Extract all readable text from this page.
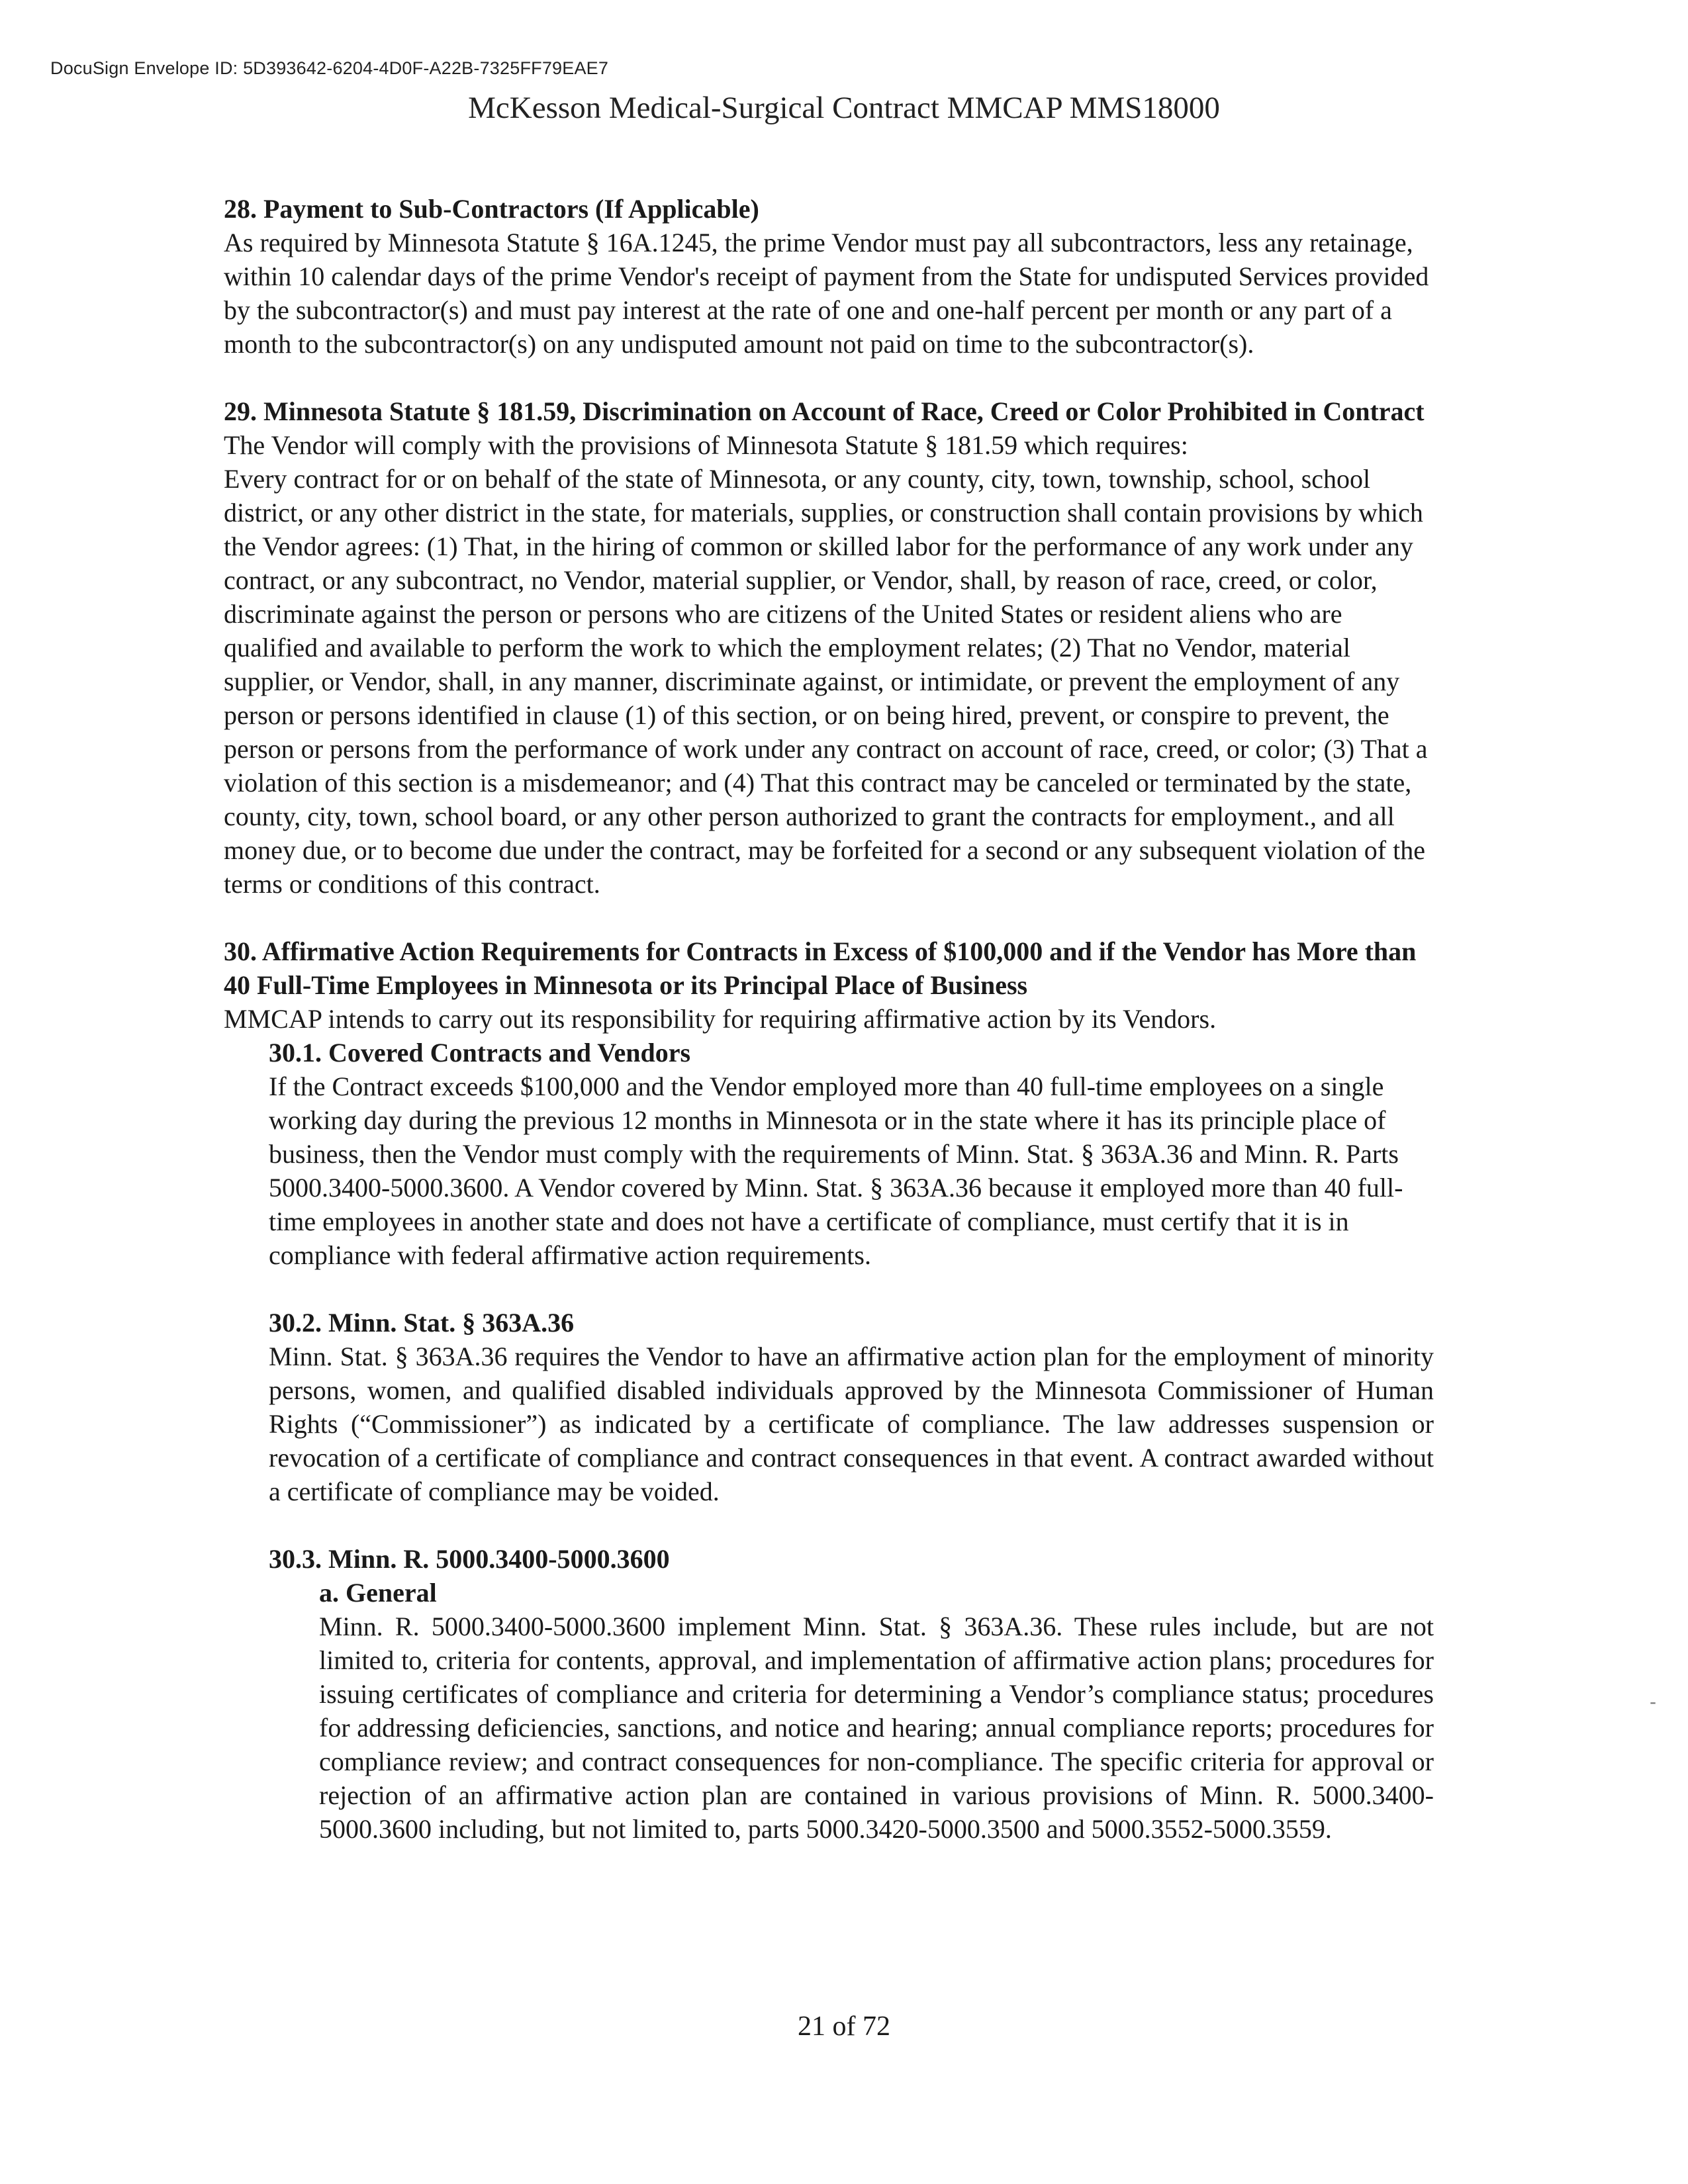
DocuSign Envelope ID: 5D393642-6204-4D0F-A22B-7325FF79EAE7
McKesson Medical-Surgical Contract MMCAP MMS18000

28. Payment to Sub-Contractors (If Applicable)

As required by Minnesota Statute § 16A.1245, the prime Vendor must pay all subcontractors, less any retainage, within 10 calendar days of the prime Vendor's receipt of payment from the State for undisputed Services provided by the subcontractor(s) and must pay interest at the rate of one and one-half percent per month or any part of a month to the subcontractor(s) on any undisputed amount not paid on time to the subcontractor(s).

29. Minnesota Statute § 181.59, Discrimination on Account of Race, Creed or Color Prohibited in Contract

The Vendor will comply with the provisions of Minnesota Statute § 181.59 which requires:

Every contract for or on behalf of the state of Minnesota, or any county, city, town, township, school, school district, or any other district in the state, for materials, supplies, or construction shall contain provisions by which the Vendor agrees: (1) That, in the hiring of common or skilled labor for the performance of any work under any contract, or any subcontract, no Vendor, material supplier, or Vendor, shall, by reason of race, creed, or color, discriminate against the person or persons who are citizens of the United States or resident aliens who are qualified and available to perform the work to which the employment relates; (2) That no Vendor, material supplier, or Vendor, shall, in any manner, discriminate against, or intimidate, or prevent the employment of any person or persons identified in clause (1) of this section, or on being hired, prevent, or conspire to prevent, the person or persons from the performance of work under any contract on account of race, creed, or color; (3) That a violation of this section is a misdemeanor; and (4) That this contract may be canceled or terminated by the state, county, city, town, school board, or any other person authorized to grant the contracts for employment., and all money due, or to become due under the contract, may be forfeited for a second or any subsequent violation of the terms or conditions of this contract.

30. Affirmative Action Requirements for Contracts in Excess of $100,000 and if the Vendor has More than 40 Full-Time Employees in Minnesota or its Principal Place of Business

MMCAP intends to carry out its responsibility for requiring affirmative action by its Vendors.

30.1. Covered Contracts and Vendors

If the Contract exceeds $100,000 and the Vendor employed more than 40 full-time employees on a single working day during the previous 12 months in Minnesota or in the state where it has its principle place of business, then the Vendor must comply with the requirements of Minn. Stat. § 363A.36 and Minn. R. Parts 5000.3400-5000.3600. A Vendor covered by Minn. Stat. § 363A.36 because it employed more than 40 full-time employees in another state and does not have a certificate of compliance, must certify that it is in compliance with federal affirmative action requirements.

30.2. Minn. Stat. § 363A.36

Minn. Stat. § 363A.36 requires the Vendor to have an affirmative action plan for the employment of minority persons, women, and qualified disabled individuals approved by the Minnesota Commissioner of Human Rights (“Commissioner”) as indicated by a certificate of compliance. The law addresses suspension or revocation of a certificate of compliance and contract consequences in that event. A contract awarded without a certificate of compliance may be voided.

30.3. Minn. R. 5000.3400-5000.3600

a. General

Minn. R. 5000.3400-5000.3600 implement Minn. Stat. § 363A.36. These rules include, but are not limited to, criteria for contents, approval, and implementation of affirmative action plans; procedures for issuing certificates of compliance and criteria for determining a Vendor’s compliance status; procedures for addressing deficiencies, sanctions, and notice and hearing; annual compliance reports; procedures for compliance review; and contract consequences for non-compliance. The specific criteria for approval or rejection of an affirmative action plan are contained in various provisions of Minn. R. 5000.3400-5000.3600 including, but not limited to, parts 5000.3420-5000.3500 and 5000.3552-5000.3559.

-
21 of 72
